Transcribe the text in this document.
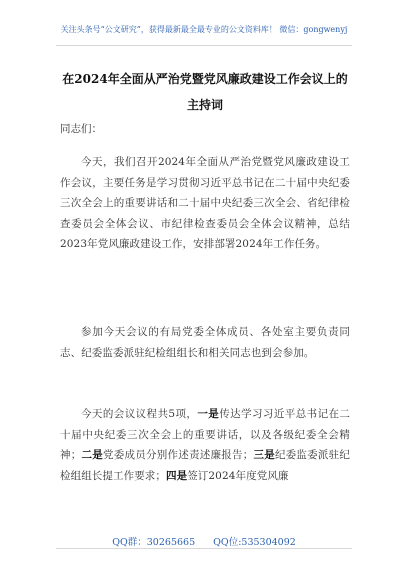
关注头条号“公文研究”，获得最新最全最专业的公文资料库！ 微信：gongwenyj
在2024年全面从严治党暨党风廉政建设工作会议上的主持词
同志们：
今天，我们召开2024年全面从严治党暨党风廉政建设工作会议，主要任务是学习贯彻习近平总书记在二十届中央纪委三次全会上的重要讲话和二十届中央纪委三次全会、省纪律检查委员会全体会议、市纪律检查委员会全体会议精神，总结2023年党风廉政建设工作，安排部署2024年工作任务。
参加今天会议的有局党委全体成员、各处室主要负责同志、纪委监委派驻纪检组组长和相关同志也到会参加。
今天的会议议程共5项，一是传达学习习近平总书记在二十届中央纪委三次全会上的重要讲话，以及各级纪委全会精神；二是党委成员分别作述责述廉报告；三是纪委监委派驻纪检组组长提工作要求；四是签订2024年度党风廉
QQ群：30265665 QQ位:535304092
